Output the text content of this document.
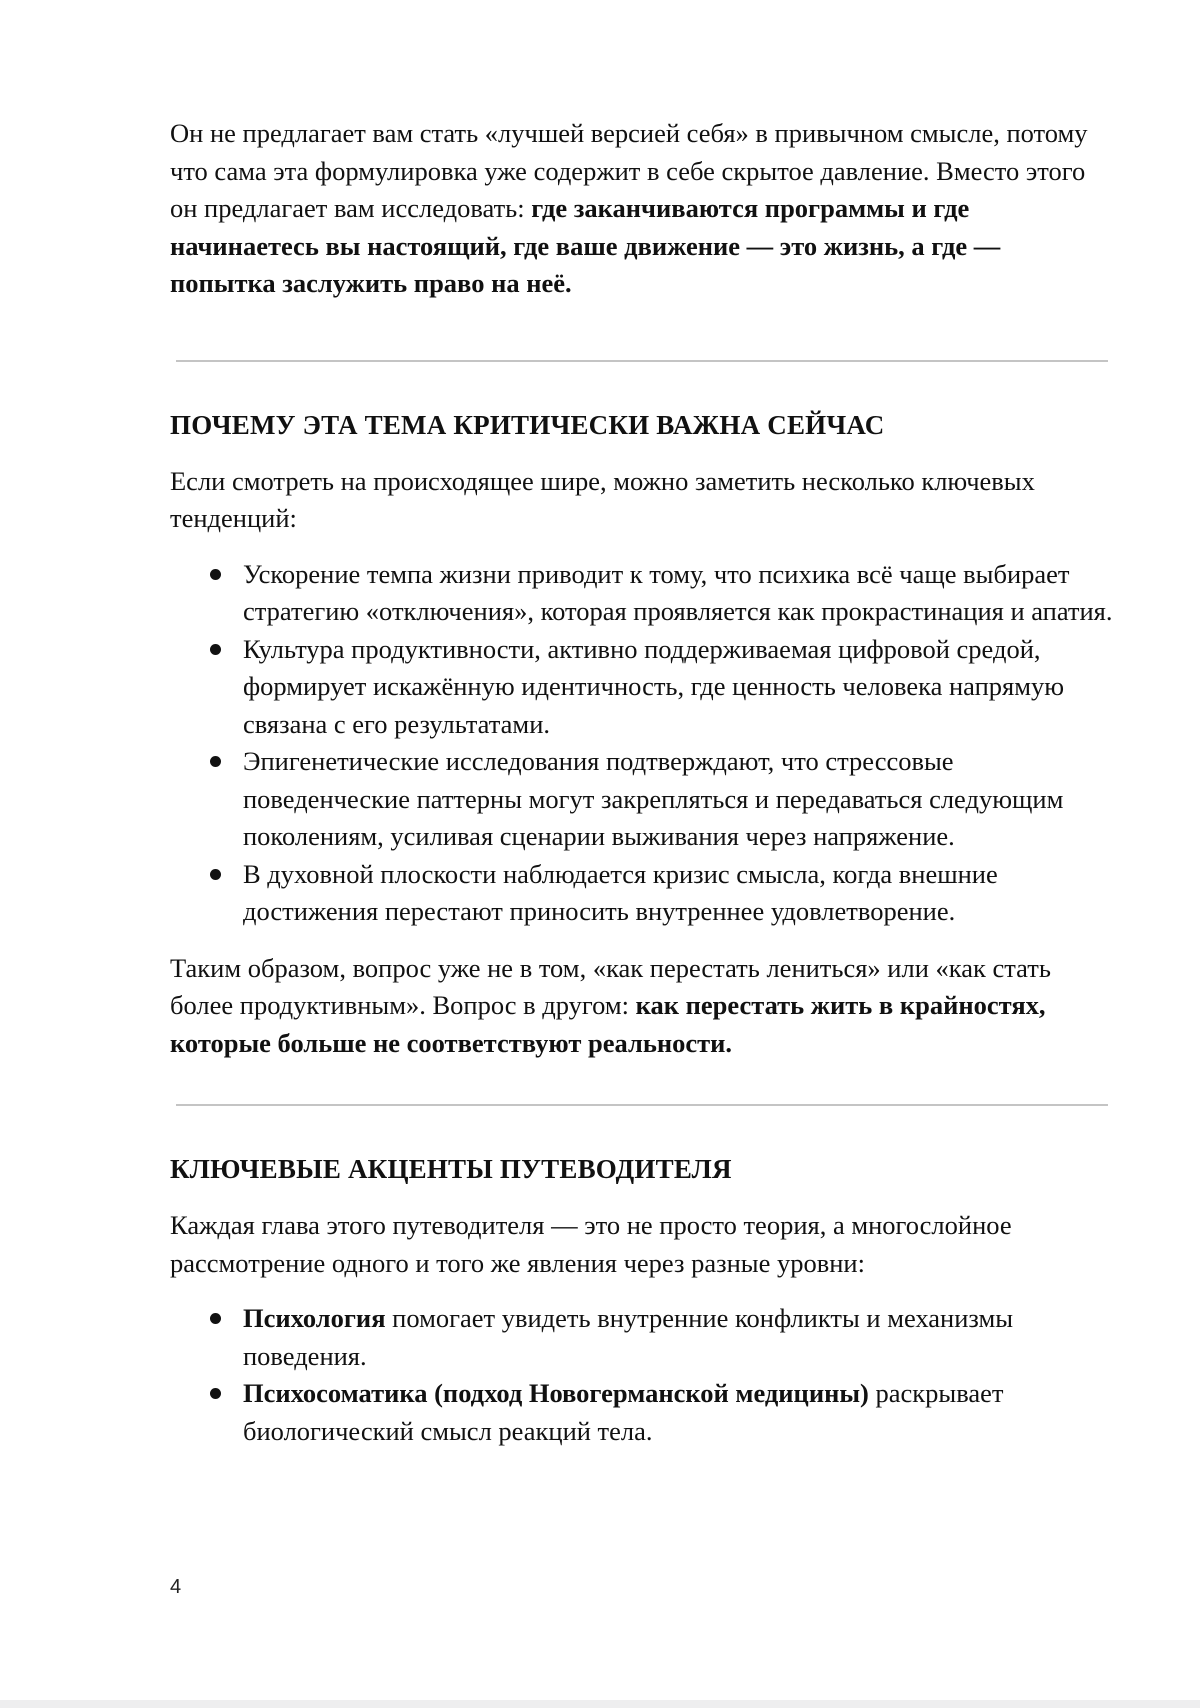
Он не предлагает вам стать «лучшей версией себя» в привычном смысле, потому что сама эта формулировка уже содержит в себе скрытое давление. Вместо этого он предлагает вам исследовать: где заканчиваются программы и где начинаетесь вы настоящий, где ваше движение — это жизнь, а где — попытка заслужить право на неё.

ПОЧЕМУ ЭТА ТЕМА КРИТИЧЕСКИ ВАЖНА СЕЙЧАС

Если смотреть на происходящее шире, можно заметить несколько ключевых тенденций:

Ускорение темпа жизни приводит к тому, что психика всё чаще выбирает стратегию «отключения», которая проявляется как прокрастинация и апатия.
Культура продуктивности, активно поддерживаемая цифровой средой, формирует искажённую идентичность, где ценность человека напрямую связана с его результатами.
Эпигенетические исследования подтверждают, что стрессовые поведенческие паттерны могут закрепляться и передаваться следующим поколениям, усиливая сценарии выживания через напряжение.
В духовной плоскости наблюдается кризис смысла, когда внешние достижения перестают приносить внутреннее удовлетворение.

Таким образом, вопрос уже не в том, «как перестать лениться» или «как стать более продуктивным». Вопрос в другом: как перестать жить в крайностях, которые больше не соответствуют реальности.

КЛЮЧЕВЫЕ АКЦЕНТЫ ПУТЕВОДИТЕЛЯ

Каждая глава этого путеводителя — это не просто теория, а многослойное рассмотрение одного и того же явления через разные уровни:

Психология помогает увидеть внутренние конфликты и механизмы поведения.
Психосоматика (подход Новогерманской медицины) раскрывает биологический смысл реакций тела.
4
